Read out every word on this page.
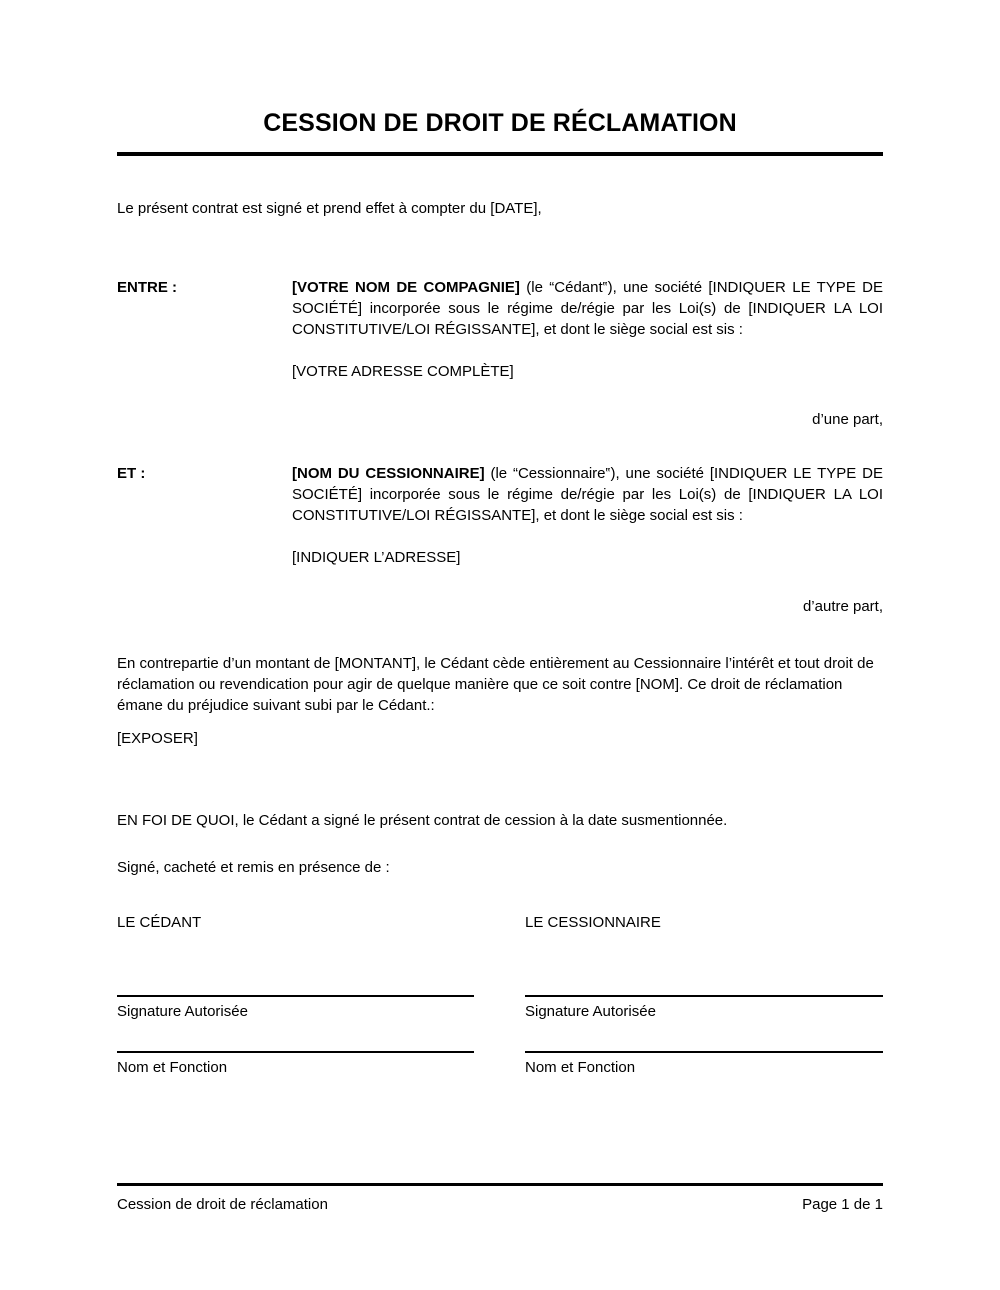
CESSION DE DROIT DE RÉCLAMATION
Le présent contrat est signé et prend effet à compter du [DATE],
ENTRE :	[VOTRE NOM DE COMPAGNIE] (le “Cédant‟), une société [INDIQUER LE TYPE DE SOCIÉTÉ] incorporée sous le régime de/régie par les Loi(s) de [INDIQUER LA LOI CONSTITUTIVE/LOI RÉGISSANTE], et dont le siège social est sis :

[VOTRE ADRESSE COMPLÈTE]

d’une part,
ET :	[NOM DU CESSIONNAIRE] (le “Cessionnaire‟), une société [INDIQUER LE TYPE DE SOCIÉTÉ] incorporée sous le régime de/régie par les Loi(s) de [INDIQUER LA LOI CONSTITUTIVE/LOI RÉGISSANTE], et dont le siège social est sis :

[INDIQUER L’ADRESSE]

d’autre part,
En contrepartie d’un montant de [MONTANT], le Cédant cède entièrement au Cessionnaire l’intérêt et tout droit de réclamation ou revendication pour agir de quelque manière que ce soit contre [NOM]. Ce droit de réclamation émane du préjudice suivant subi par le Cédant.:
[EXPOSER]
EN FOI DE QUOI, le Cédant a signé le présent contrat de cession à la date susmentionnée.
Signé, cacheté et remis en présence de :
LE CÉDANT	LE CESSIONNAIRE
Signature Autorisée	Signature Autorisée
Nom et Fonction	Nom et Fonction
Cession de droit de réclamation	Page 1 de 1
